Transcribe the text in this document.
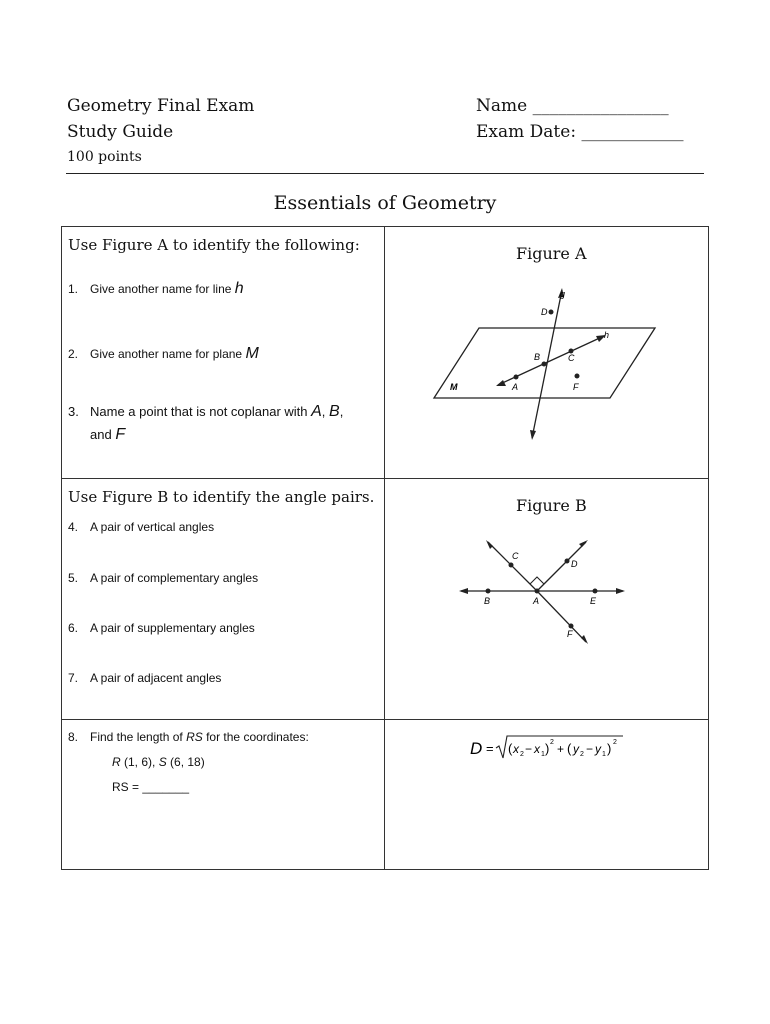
Geometry Final Exam
Study Guide
100 points
Name ________________
Exam Date: ____________
Essentials of Geometry
Use Figure A to identify the following:
1. Give another name for line h
2. Give another name for plane M
3. Name a point that is not coplanar with A, B,
and F
Figure A
g
D
h
B	C
M	A	F
Use Figure B to identify the angle pairs.
4. A pair of vertical angles
5. A pair of complementary angles
6. A pair of supplementary angles
7. A pair of adjacent angles
Figure B
C
D
B	A	E
F
8. Find the length of RS for the coordinates:
R (1, 6), S (6, 18)
RS = _______
D = ( x 2 − x 1 ) 2 + ( y 2 − y 1 ) 2
